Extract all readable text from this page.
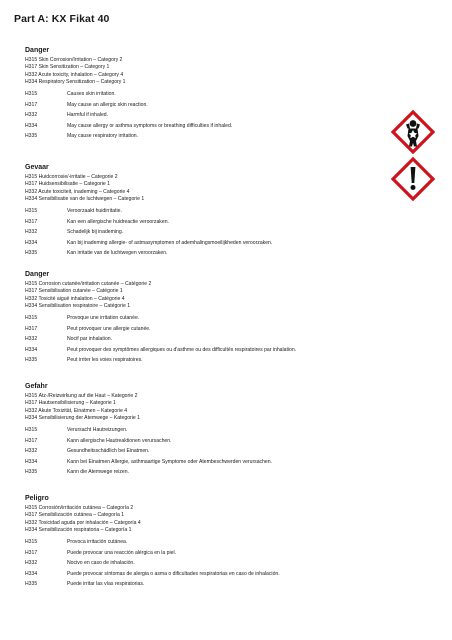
Part A: KX Fikat 40
Danger
H315 Skin Corrosion/Irritation – Category 2
H317 Skin Sensitization – Category 1
H332 Acute toxicity, inhalation – Category 4
H334 Respiratory Sensitization – Category 1
H315	Causes skin irritation.
H317	May cause an allergic skin reaction.
H332	Harmful if inhaled.
H334	May cause allergy or asthma symptoms or breathing difficulties if inhaled.
H335	May cause respiratory irritation.
Gevaar
H315 Huidcorrosie/-irritatie – Categorie 2
H317 Huidsensibilisatie – Categorie 1
H332 Acute toxiciteit, inademing – Categorie 4
H334 Sensibilisatie van de luchtwegen – Categorie 1
H315	Veroorzaakt huidirritatie.
H317	Kan een allergische huidreactie veroorzaken.
H332	Schadelijk bij inademing.
H334	Kan bij inademing allergie- of astmasymptomen of ademhalingsmoeilijkheden veroorzaken.
H335	Kan irritatie van de luchtwegen veroorzaken.
Danger
H315 Corrosion cutanée/irritation cutanée – Catégorie 2
H317 Sensibilisation cutanée – Catégorie 1
H332 Toxicité aiguë inhalation – Catégorie 4
H334 Sensibilisation respiratoire – Catégorie 1
H315	Provoque une irritation cutanée.
H317	Peut provoquer une allergie cutanée.
H332	Nocif par inhalation.
H334	Peut provoquer des symptômes allergiques ou d'asthme ou des difficultés respiratoires par inhalation.
H335	Peut irriter les voies respiratoires.
Gefahr
H315 Ätz-/Reizwirkung auf die Haut – Kategorie 2
H317 Hautsensibilisierung – Kategorie 1
H332 Akute Toxizität, Einatmen – Kategorie 4
H334 Sensibilisierung der Atemwege – Kategorie 1
H315	Verursacht Hautreizungen.
H317	Kann allergische Hautreaktionen verursachen.
H332	Gesundheitsschädlich bei Einatmen.
H334	Kann bei Einatmen Allergie, asthmaartige Symptome oder Atembeschwerden verursachen.
H335	Kann die Atemwege reizen.
Peligro
H315 Corrosión/irritación cutánea – Categoría 2
H317 Sensibilización cutánea – Categoría 1
H332 Toxicidad aguda por inhalación – Categoría 4
H334 Sensibilización respiratoria – Categoría 1
H315	Provoca irritación cutánea.
H317	Puede provocar una reacción alérgica en la piel.
H332	Nocivo en caso de inhalación.
H334	Puede provocar síntomas de alergia o asma o dificultades respiratorias en caso de inhalación.
H335	Puede irritar las vías respiratorias.
